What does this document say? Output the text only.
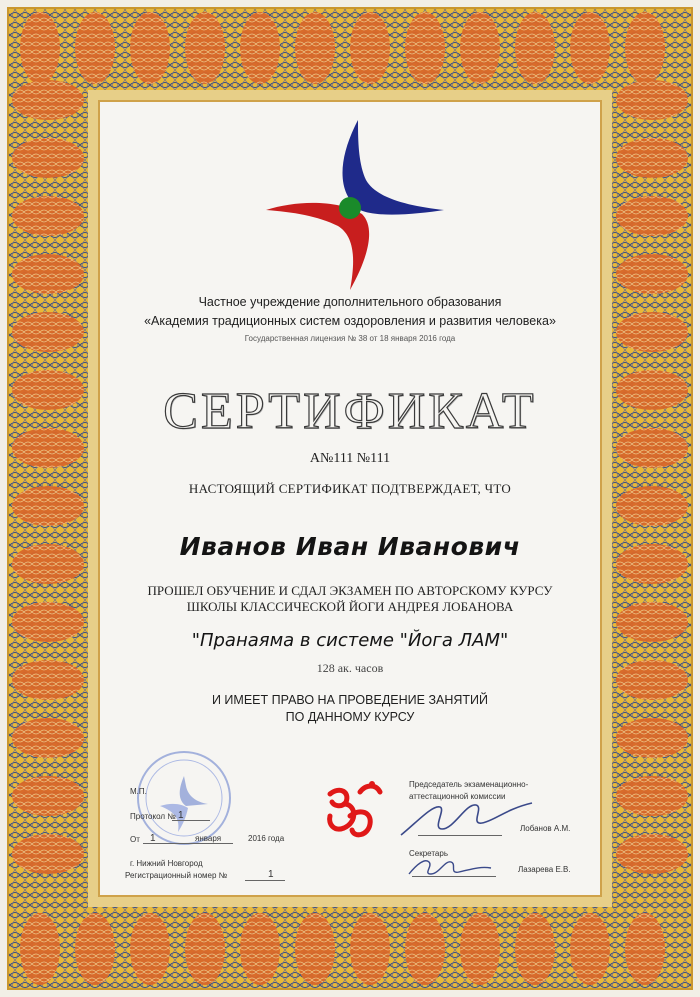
Частное учреждение дополнительного образования
«Академия традиционных систем оздоровления и развития человека»
Государственная лицензия № 38 от 18 января 2016 года
СЕРТИФИКАТ
А№111 №111
НАСТОЯЩИЙ СЕРТИФИКАТ ПОДТВЕРЖДАЕТ, ЧТО
Иванов Иван Иванович
ПРОШЕЛ ОБУЧЕНИЕ И СДАЛ ЭКЗАМЕН ПО АВТОРСКОМУ КУРСУ
ШКОЛЫ КЛАССИЧЕСКОЙ ЙОГИ АНДРЕЯ ЛОБАНОВА
"Пранаяма в системе "Йога ЛАМ"
128 ак. часов
И ИМЕЕТ ПРАВО НА ПРОВЕДЕНИЕ ЗАНЯТИЙ
ПО ДАННОМУ КУРСУ
М.П.
Протокол № 1
От 1	января	2016 года
г. Нижний Новгород
Регистрационный номер №	1
Председатель экзаменационно-
аттестационной комиссии
Лобанов А.М.
Секретарь
Лазарева Е.В.
